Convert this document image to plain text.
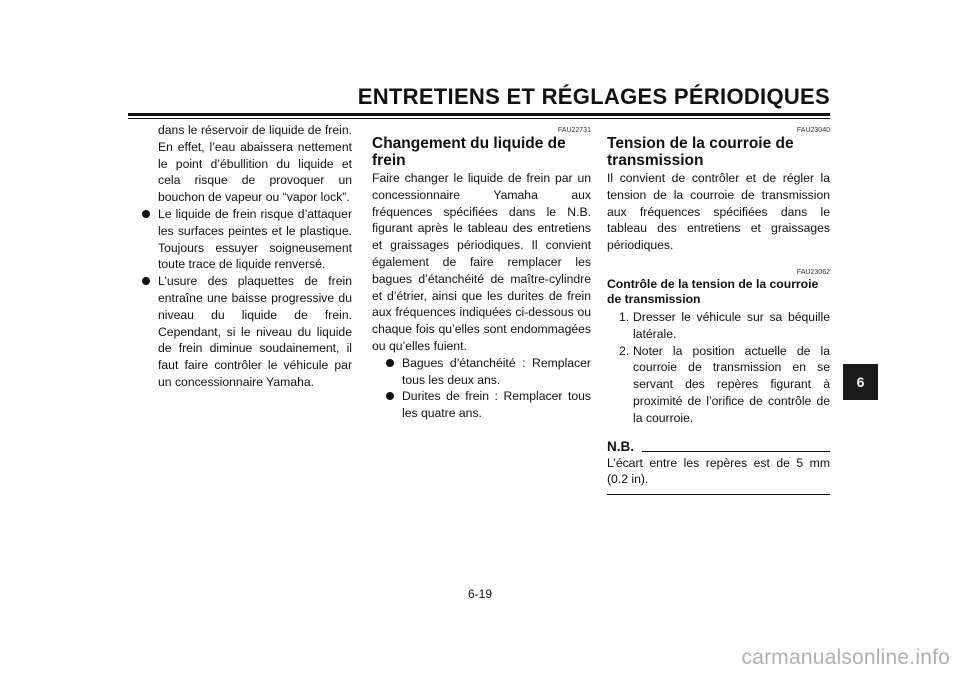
ENTRETIENS ET RÉGLAGES PÉRIODIQUES

dans le réservoir de liquide de frein. En effet, l’eau abaissera nettement le point d’ébullition du liquide et cela risque de provoquer un bouchon de vapeur ou “vapor lock”.

Le liquide de frein risque d’attaquer les surfaces peintes et le plastique. Toujours essuyer soigneusement toute trace de liquide renversé.
L’usure des plaquettes de frein entraîne une baisse progressive du niveau du liquide de frein. Cependant, si le niveau du liquide de frein diminue soudainement, il faut faire contrôler le véhicule par un concessionnaire Yamaha.
FAU22731
Changement du liquide de frein

Faire changer le liquide de frein par un concessionnaire Yamaha aux fréquences spécifiées dans le N.B. figurant après le tableau des entretiens et graissages périodiques. Il convient également de faire remplacer les bagues d’étanchéité de maître-cylindre et d’étrier, ainsi que les durites de frein aux fréquences indiquées ci-dessous ou chaque fois qu’elles sont endommagées ou qu’elles fuient.

Bagues d’étanchéité : Remplacer tous les deux ans.
Durites de frein : Remplacer tous les quatre ans.
FAU23040
Tension de la courroie de transmission

Il convient de contrôler et de régler la tension de la courroie de transmission aux fréquences spécifiées dans le tableau des entretiens et graissages périodiques.

FAU23062
Contrôle de la tension de la courroie de transmission
1. Dresser le véhicule sur sa béquille latérale.
2. Noter la position actuelle de la courroie de transmission en se servant des repères figurant à proximité de l’orifice de contrôle de la courroie.
N.B.

L’écart entre les repères est de 5 mm (0.2 in).

6
6-19
carmanualsonline.info
